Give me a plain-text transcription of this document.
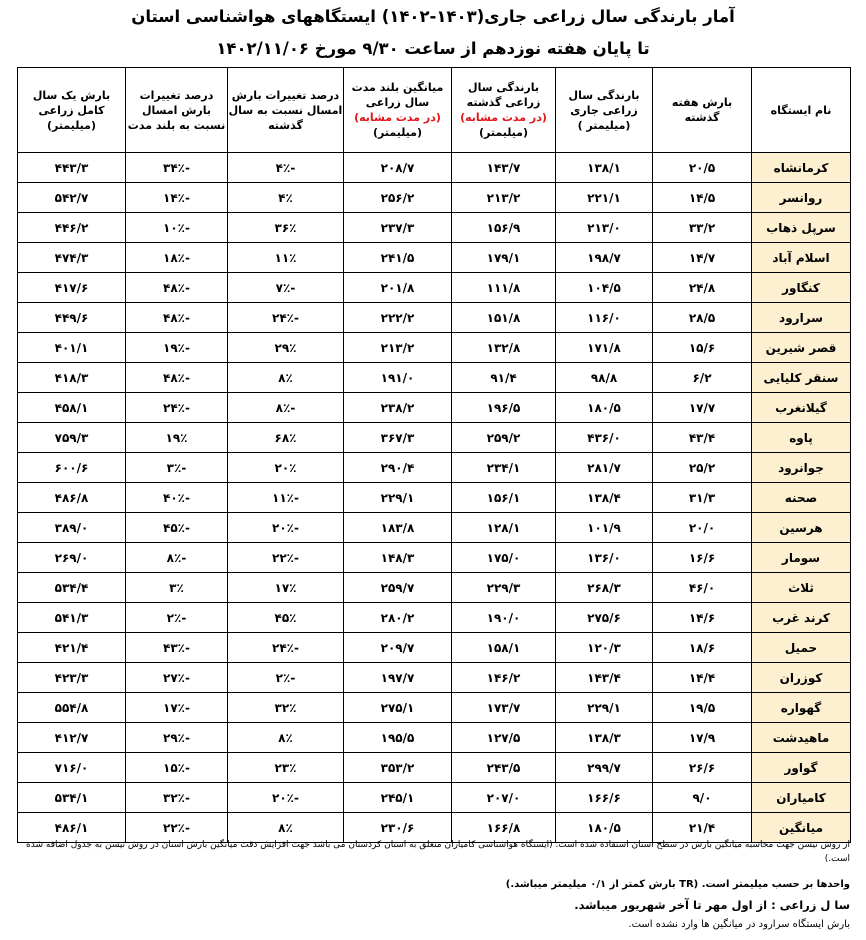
آمار بارندگی سال زراعی جاری(۱۴۰۳-۱۴۰۲) ایستگاههای هواشناسی استان
تا پایان هفته نوزدهم از ساعت ۹/۳۰ مورخ ۱۴۰۲/۱۱/۰۶
نام ایستگاه	بارش هفته گذشته	بارندگی سال زراعی جاری (میلیمتر )	بارندگی سال زراعی گذشته
(در مدت مشابه)
(میلیمتر)	میانگین بلند مدت سال زراعی
(در مدت مشابه)
(میلیمتر)	درصد تغییرات بارش امسال نسبت به سال گذشته	درصد تغییرات بارش امسال نسبت به بلند مدت	بارش یک سال کامل زراعی (میلیمتر)
کرمانشاه	۲۰/۵	۱۳۸/۱	۱۴۳/۷	۲۰۸/۷	-۴٪	-۳۴٪	۴۴۳/۳
روانسر	۱۴/۵	۲۲۱/۱	۲۱۳/۲	۲۵۶/۲	۴٪	-۱۴٪	۵۴۲/۷
سرپل ذهاب	۳۳/۲	۲۱۳/۰	۱۵۶/۹	۲۳۷/۳	۳۶٪	-۱۰٪	۴۴۶/۲
اسلام آباد	۱۴/۷	۱۹۸/۷	۱۷۹/۱	۲۴۱/۵	۱۱٪	-۱۸٪	۴۷۴/۳
کنگاور	۲۴/۸	۱۰۴/۵	۱۱۱/۸	۲۰۱/۸	-۷٪	-۴۸٪	۴۱۷/۶
سرارود	۲۸/۵	۱۱۶/۰	۱۵۱/۸	۲۲۲/۲	-۲۴٪	-۴۸٪	۴۴۹/۶
قصر شیرین	۱۵/۶	۱۷۱/۸	۱۳۲/۸	۲۱۳/۲	۲۹٪	-۱۹٪	۴۰۱/۱
سنقر کلیایی	۶/۲	۹۸/۸	۹۱/۴	۱۹۱/۰	۸٪	-۴۸٪	۴۱۸/۳
گیلانغرب	۱۷/۷	۱۸۰/۵	۱۹۶/۵	۲۳۸/۲	-۸٪	-۲۴٪	۴۵۸/۱
پاوه	۴۳/۴	۴۳۶/۰	۲۵۹/۲	۳۶۷/۳	۶۸٪	۱۹٪	۷۵۹/۳
جوانرود	۲۵/۲	۲۸۱/۷	۲۳۴/۱	۲۹۰/۴	۲۰٪	-۳٪	۶۰۰/۶
صحنه	۳۱/۳	۱۳۸/۴	۱۵۶/۱	۲۲۹/۱	-۱۱٪	-۴۰٪	۴۸۶/۸
هرسین	۲۰/۰	۱۰۱/۹	۱۲۸/۱	۱۸۳/۸	-۲۰٪	-۴۵٪	۳۸۹/۰
سومار	۱۶/۶	۱۳۶/۰	۱۷۵/۰	۱۴۸/۳	-۲۲٪	-۸٪	۲۶۹/۰
ثلاث	۴۶/۰	۲۶۸/۳	۲۲۹/۳	۲۵۹/۷	۱۷٪	۳٪	۵۳۴/۴
کرند غرب	۱۴/۶	۲۷۵/۶	۱۹۰/۰	۲۸۰/۲	۴۵٪	-۲٪	۵۴۱/۳
حمیل	۱۸/۶	۱۲۰/۳	۱۵۸/۱	۲۰۹/۷	-۲۴٪	-۴۳٪	۴۲۱/۴
کوزران	۱۴/۴	۱۴۳/۴	۱۴۶/۲	۱۹۷/۷	-۲٪	-۲۷٪	۴۲۳/۳
گهواره	۱۹/۵	۲۲۹/۱	۱۷۳/۷	۲۷۵/۱	۳۲٪	-۱۷٪	۵۵۴/۸
ماهیدشت	۱۷/۹	۱۳۸/۳	۱۲۷/۵	۱۹۵/۵	۸٪	-۲۹٪	۴۱۲/۷
گواور	۲۶/۶	۲۹۹/۷	۲۴۳/۵	۳۵۳/۲	۲۳٪	-۱۵٪	۷۱۶/۰
کامیاران	۹/۰	۱۶۶/۶	۲۰۷/۰	۲۴۵/۱	-۲۰٪	-۳۲٪	۵۳۴/۱
میانگین	۲۱/۴	۱۸۰/۵	۱۶۶/۸	۲۳۰/۶	۸٪	-۲۲٪	۴۸۶/۱
از روش تیسن جهت محاسبه میانگین بارش در سطح استان استفاده شده است. (ایستگاه هواشناسی کامیاران متعلق به استان کردستان می باشد جهت افزایش دقت میانگین بارش استان در روش تیسن به جدول اضافه شده است.)
واحدها بر حسب میلیمتر است. (TR بارش کمتر از ۰/۱ میلیمتر میباشد.)
سا ل زراعی : از اول مهر تا آخر شهریور میباشد.
بارش ایستگاه سرارود در میانگین ها وارد نشده است.
